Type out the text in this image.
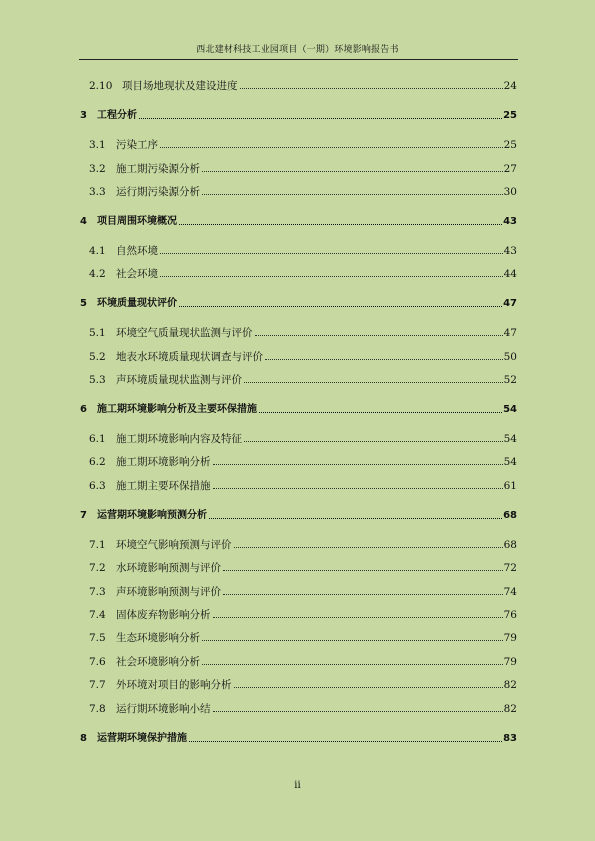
西北建材科技工业园项目（一期）环境影响报告书
2.10 项目场地现状及建设进度	24
3	工程分析	25
3.1 污染工序	25
3.2 施工期污染源分析	27
3.3 运行期污染源分析	30
4	项目周围环境概况	43
4.1 自然环境	43
4.2 社会环境	44
5	环境质量现状评价	47
5.1 环境空气质量现状监测与评价	47
5.2 地表水环境质量现状调查与评价	50
5.3 声环境质量现状监测与评价	52
6	施工期环境影响分析及主要环保措施	54
6.1 施工期环境影响内容及特征	54
6.2 施工期环境影响分析	54
6.3 施工期主要环保措施	61
7	运营期环境影响预测分析	68
7.1 环境空气影响预测与评价	68
7.2 水环境影响预测与评价	72
7.3 声环境影响预测与评价	74
7.4 固体废弃物影响分析	76
7.5 生态环境影响分析	79
7.6 社会环境影响分析	79
7.7 外环境对项目的影响分析	82
7.8 运行期环境影响小结	82
8	运营期环境保护措施	83
ii
